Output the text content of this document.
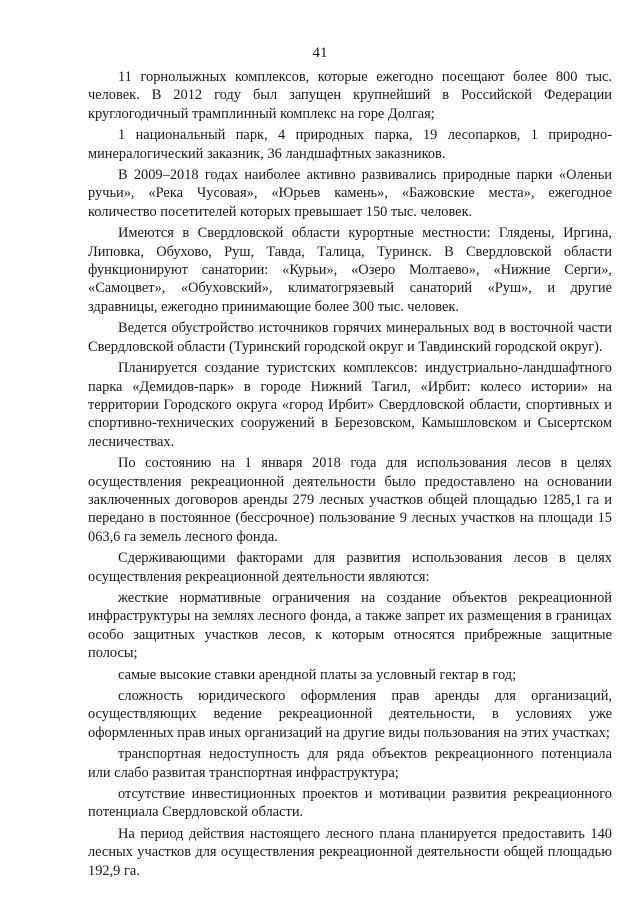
41

11 горнолыжных комплексов, которые ежегодно посещают более 800 тыс. человек. В 2012 году был запущен крупнейший в Российской Федерации круглогодичный трамплинный комплекс на горе Долгая;

1 национальный парк, 4 природных парка, 19 лесопарков, 1 природно-минералогический заказник, 36 ландшафтных заказников.

В 2009–2018 годах наиболее активно развивались природные парки «Оленьи ручьи», «Река Чусовая», «Юрьев камень», «Бажовские места», ежегодное количество посетителей которых превышает 150 тыс. человек.

Имеются в Свердловской области курортные местности: Глядены, Иргина, Липовка, Обухово, Руш, Тавда, Талица, Туринск. В Свердловской области функционируют санатории: «Курьи», «Озеро Молтаево», «Нижние Серги», «Самоцвет», «Обуховский», климатогрязевый санаторий «Руш», и другие здравницы, ежегодно принимающие более 300 тыс. человек.

Ведется обустройство источников горячих минеральных вод в восточной части Свердловской области (Туринский городской округ и Тавдинский городской округ).

Планируется создание туристских комплексов: индустриально-ландшафтного парка «Демидов-парк» в городе Нижний Тагил, «Ирбит: колесо истории» на территории Городского округа «город Ирбит» Свердловской области, спортивных и спортивно-технических сооружений в Березовском, Камышловском и Сысертском лесничествах.

По состоянию на 1 января 2018 года для использования лесов в целях осуществления рекреационной деятельности было предоставлено на основании заключенных договоров аренды 279 лесных участков общей площадью 1285,1 га и передано в постоянное (бессрочное) пользование 9 лесных участков на площади 15 063,6 га земель лесного фонда.

Сдерживающими факторами для развития использования лесов в целях осуществления рекреационной деятельности являются:

жесткие нормативные ограничения на создание объектов рекреационной инфраструктуры на землях лесного фонда, а также запрет их размещения в границах особо защитных участков лесов, к которым относятся прибрежные защитные полосы;

самые высокие ставки арендной платы за условный гектар в год;

сложность юридического оформления прав аренды для организаций, осуществляющих ведение рекреационной деятельности, в условиях уже оформленных прав иных организаций на другие виды пользования на этих участках;

транспортная недоступность для ряда объектов рекреационного потенциала или слабо развитая транспортная инфраструктура;

отсутствие инвестиционных проектов и мотивации развития рекреационного потенциала Свердловской области.

На период действия настоящего лесного плана планируется предоставить 140 лесных участков для осуществления рекреационной деятельности общей площадью 192,9 га.
